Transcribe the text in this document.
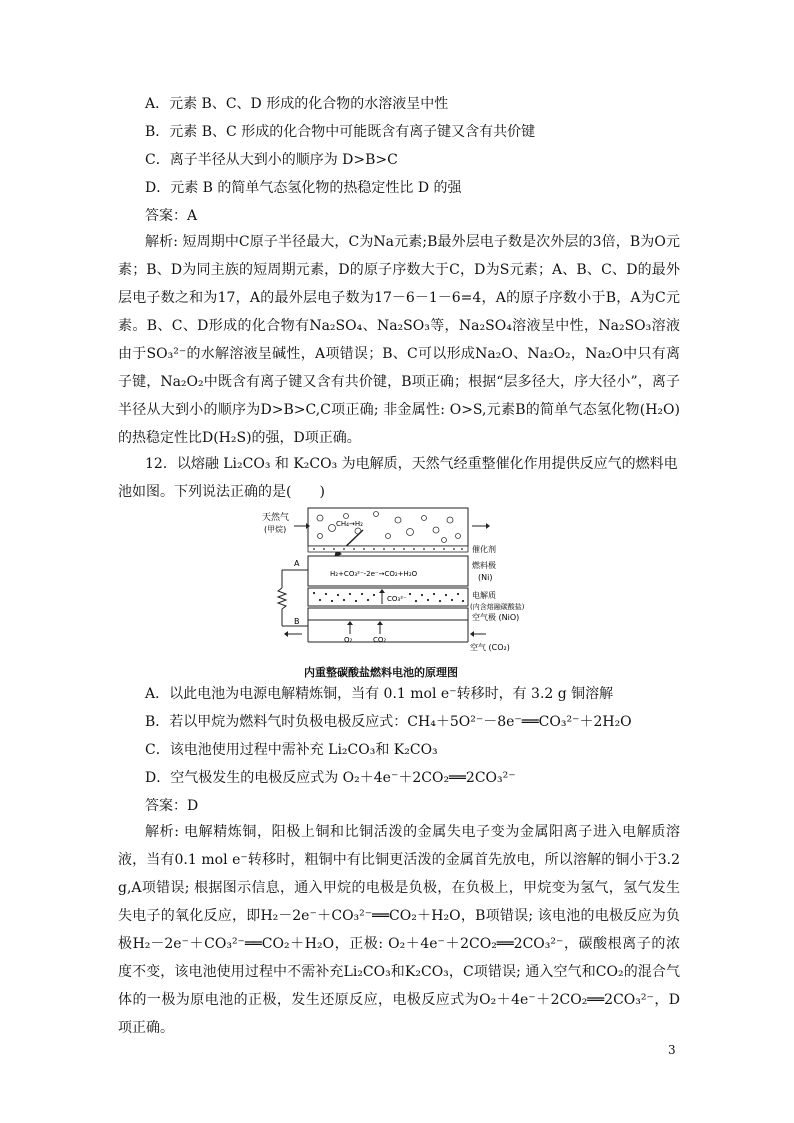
A．元素 B、C、D 形成的化合物的水溶液呈中性
B．元素 B、C 形成的化合物中可能既含有离子键又含有共价键
C．离子半径从大到小的顺序为 D>B>C
D．元素 B 的简单气态氢化物的热稳定性比 D 的强
答案：A
解析: 短周期中C原子半径最大，C为Na元素;B最外层电子数是次外层的3倍，B为O元素；B、D为同主族的短周期元素，D的原子序数大于C，D为S元素；A、B、C、D的最外层电子数之和为17，A的最外层电子数为17－6－1－6=4，A的原子序数小于B，A为C元素。B、C、D形成的化合物有Na₂SO₄、Na₂SO₃等，Na₂SO₄溶液呈中性，Na₂SO₃溶液由于SO₃²⁻的水解溶液呈碱性，A项错误；B、C可以形成Na₂O、Na₂O₂，Na₂O中只有离子键，Na₂O₂中既含有离子键又含有共价键，B项正确；根据“层多径大，序大径小”，离子半径从大到小的顺序为D>B>C,C项正确; 非金属性: O>S,元素B的简单气态氢化物(H₂O)的热稳定性比D(H₂S)的强，D项正确。
12．以熔融 Li₂CO₃ 和 K₂CO₃ 为电解质，天然气经重整催化作用提供反应气的燃料电池如图。下列说法正确的是(　　)
CH₄→H₂
天然气
(甲烷)
催化剂
H₂+CO₃²⁻-2e⁻→CO₂+H₂O
燃料极
(Ni)
CO₃²⁻	电解质
(内含熔融碳酸盐)
空气极 (NiO)
O₂	CO₂
空气 (CO₂)
A
B
内重整碳酸盐燃料电池的原理图
A．以此电池为电源电解精炼铜，当有 0.1 mol e⁻转移时，有 3.2 g 铜溶解
B．若以甲烷为燃料气时负极电极反应式：CH₄＋5O²⁻－8e⁻══CO₃²⁻＋2H₂O
C．该电池使用过程中需补充 Li₂CO₃和 K₂CO₃
D．空气极发生的电极反应式为 O₂＋4e⁻＋2CO₂══2CO₃²⁻
答案：D
解析: 电解精炼铜，阳极上铜和比铜活泼的金属失电子变为金属阳离子进入电解质溶液，当有0.1 mol e⁻转移时，粗铜中有比铜更活泼的金属首先放电，所以溶解的铜小于3.2 g,A项错误; 根据图示信息，通入甲烷的电极是负极，在负极上，甲烷变为氢气，氢气发生失电子的氧化反应，即H₂－2e⁻＋CO₃²⁻══CO₂＋H₂O，B项错误; 该电池的电极反应为负极H₂－2e⁻＋CO₃²⁻══CO₂＋H₂O，正极: O₂＋4e⁻＋2CO₂══2CO₃²⁻，碳酸根离子的浓度不变，该电池使用过程中不需补充Li₂CO₃和K₂CO₃，C项错误; 通入空气和CO₂的混合气体的一极为原电池的正极，发生还原反应，电极反应式为O₂＋4e⁻＋2CO₂══2CO₃²⁻，D项正确。
3
